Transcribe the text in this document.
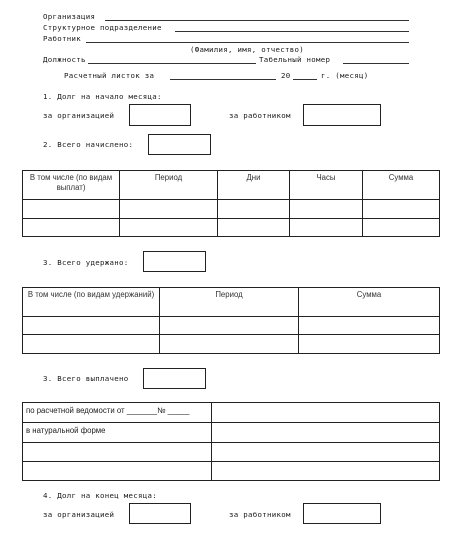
Организация
Структурное подразделение
Работник
(Фамилия, имя, отчество)
Должность	Табельный номер
Расчетный листок за	20	г. (месяц)
1. Долг на начало месяца:
за организацией	за работником
2. Всего начислено:
В том числе (по видам выплат)	Период	Дни	Часы	Сумма

3. Всего удержано:
В том числе (по видам удержаний)	Период	Сумма

3. Всего выплачено
по расчетной ведомости от _______№ _____	
в натуральной форме	

4. Долг на конец месяца:
за организацией	за работником
